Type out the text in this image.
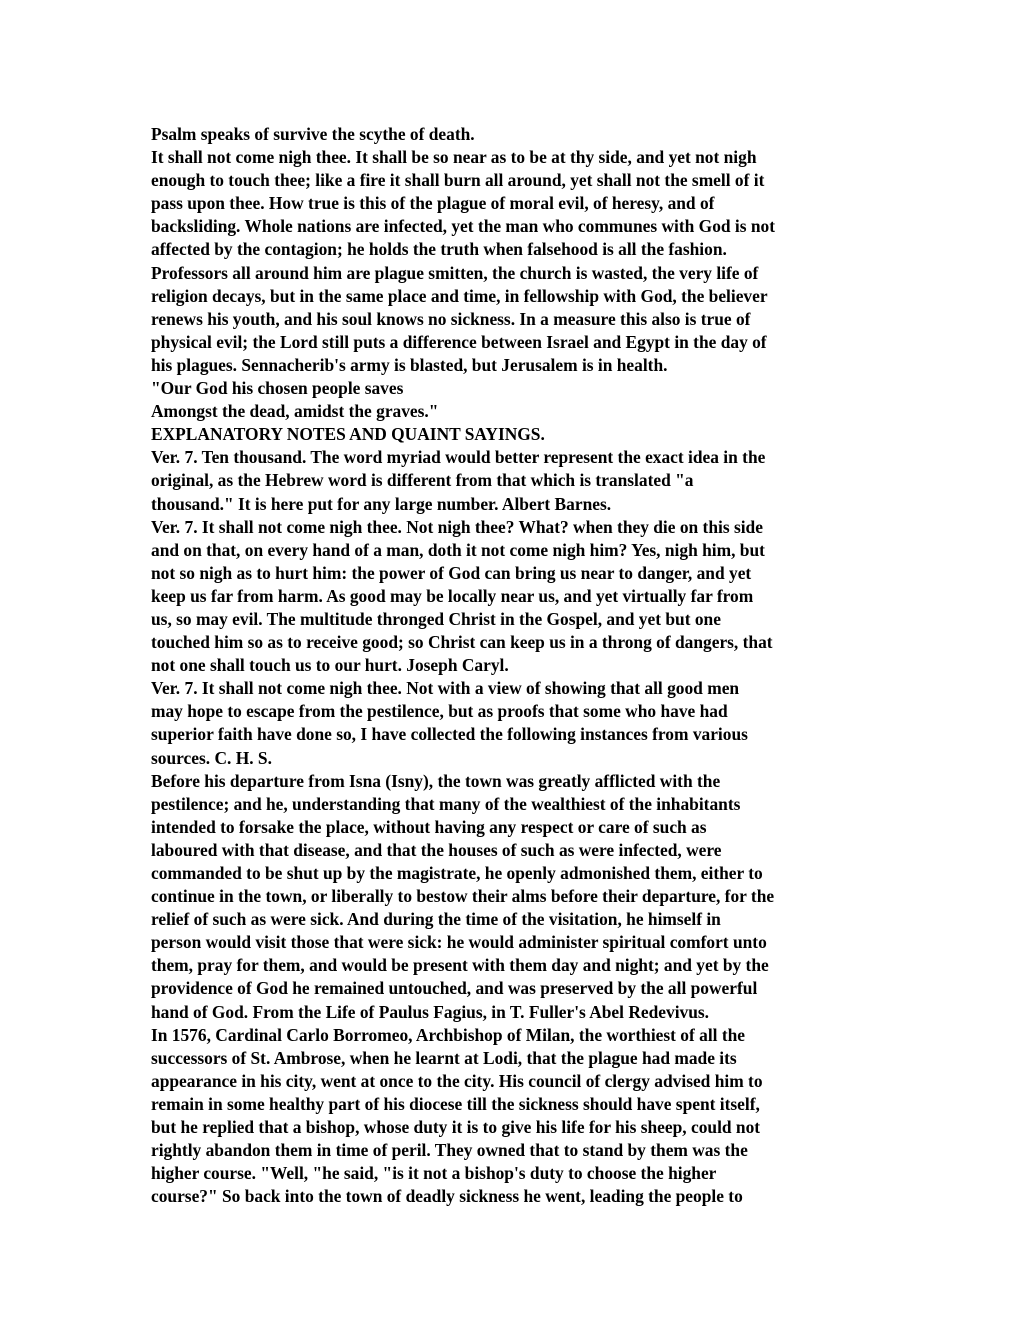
Psalm speaks of survive the scythe of death.
It shall not come nigh thee. It shall be so near as to be at thy side, and yet not nigh
enough to touch thee; like a fire it shall burn all around, yet shall not the smell of it
pass upon thee. How true is this of the plague of moral evil, of heresy, and of
backsliding. Whole nations are infected, yet the man who communes with God is not
affected by the contagion; he holds the truth when falsehood is all the fashion.
Professors all around him are plague smitten, the church is wasted, the very life of
religion decays, but in the same place and time, in fellowship with God, the believer
renews his youth, and his soul knows no sickness. In a measure this also is true of
physical evil; the Lord still puts a difference between Israel and Egypt in the day of
his plagues. Sennacherib's army is blasted, but Jerusalem is in health.
"Our God his chosen people saves
Amongst the dead, amidst the graves."
EXPLANATORY NOTES AND QUAINT SAYINGS.
Ver. 7. Ten thousand. The word myriad would better represent the exact idea in the
original, as the Hebrew word is different from that which is translated "a
thousand." It is here put for any large number. Albert Barnes.
Ver. 7. It shall not come nigh thee. Not nigh thee? What? when they die on this side
and on that, on every hand of a man, doth it not come nigh him? Yes, nigh him, but
not so nigh as to hurt him: the power of God can bring us near to danger, and yet
keep us far from harm. As good may be locally near us, and yet virtually far from
us, so may evil. The multitude thronged Christ in the Gospel, and yet but one
touched him so as to receive good; so Christ can keep us in a throng of dangers, that
not one shall touch us to our hurt. Joseph Caryl.
Ver. 7. It shall not come nigh thee. Not with a view of showing that all good men
may hope to escape from the pestilence, but as proofs that some who have had
superior faith have done so, I have collected the following instances from various
sources. C. H. S.
Before his departure from Isna (Isny), the town was greatly afflicted with the
pestilence; and he, understanding that many of the wealthiest of the inhabitants
intended to forsake the place, without having any respect or care of such as
laboured with that disease, and that the houses of such as were infected, were
commanded to be shut up by the magistrate, he openly admonished them, either to
continue in the town, or liberally to bestow their alms before their departure, for the
relief of such as were sick. And during the time of the visitation, he himself in
person would visit those that were sick: he would administer spiritual comfort unto
them, pray for them, and would be present with them day and night; and yet by the
providence of God he remained untouched, and was preserved by the all powerful
hand of God. From the Life of Paulus Fagius, in T. Fuller's Abel Redevivus.
In 1576, Cardinal Carlo Borromeo, Archbishop of Milan, the worthiest of all the
successors of St. Ambrose, when he learnt at Lodi, that the plague had made its
appearance in his city, went at once to the city. His council of clergy advised him to
remain in some healthy part of his diocese till the sickness should have spent itself,
but he replied that a bishop, whose duty it is to give his life for his sheep, could not
rightly abandon them in time of peril. They owned that to stand by them was the
higher course. "Well, "he said, "is it not a bishop's duty to choose the higher
course?" So back into the town of deadly sickness he went, leading the people to
